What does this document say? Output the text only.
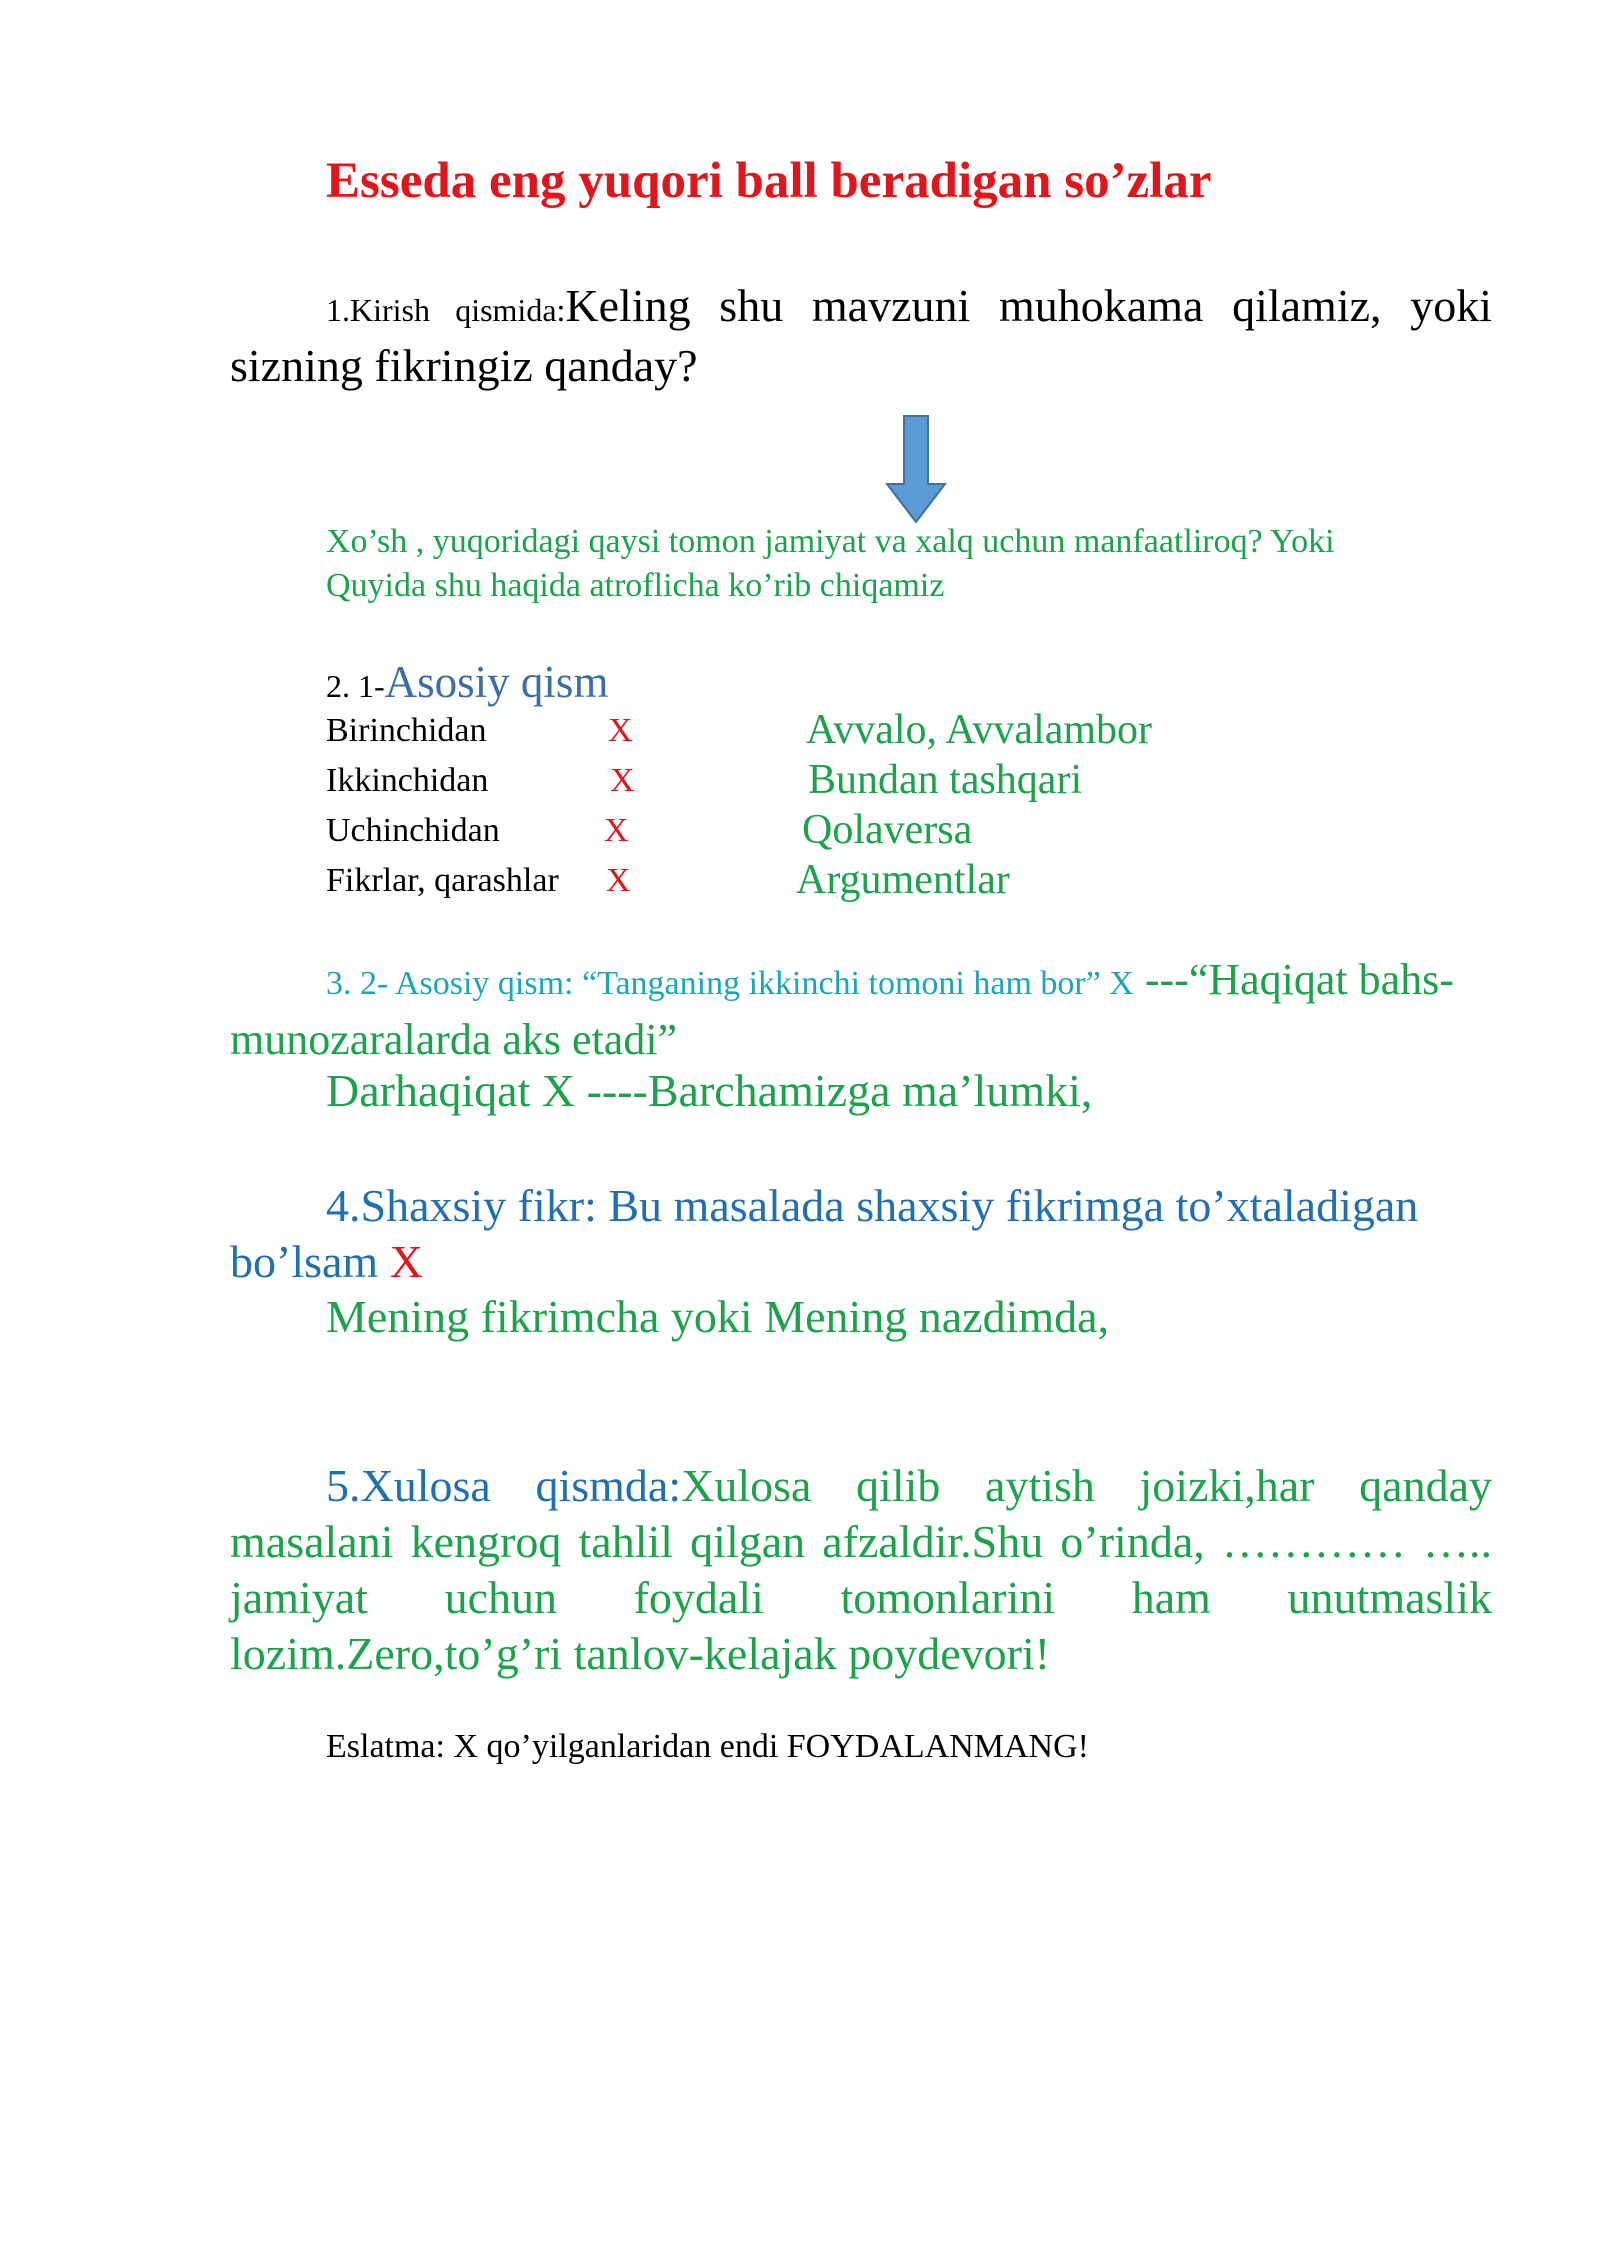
Esseda eng yuqori ball beradigan so’zlar
1.Kirish qismida:Keling shu mavzuni muhokama qilamiz, yoki sizning fikringiz qanday?
Xo’sh , yuqoridagi qaysi tomon jamiyat va xalq uchun manfaatliroq? Yoki
Quyida shu haqida atroflicha ko’rib chiqamiz
2. 1-Asosiy qism
Birinchidan	X	Avvalo, Avvalambor
Ikkinchidan	X	Bundan tashqari
Uchinchidan	X	Qolaversa
Fikrlar, qarashlar X	Argumentlar
3. 2- Asosiy qism: “Tanganing ikkinchi tomoni ham bor” X ---“Haqiqat bahs-munozaralarda aks etadi”
Darhaqiqat X ----Barchamizga ma’lumki,
4.Shaxsiy fikr: Bu masalada shaxsiy fikrimga to’xtaladigan bo’lsam X
Mening fikrimcha yoki Mening nazdimda,
5.Xulosa qismda:Xulosa qilib aytish joizki,har qanday masalani kengroq tahlil qilgan afzaldir.Shu o’rinda, ………… ….. jamiyat uchun foydali tomonlarini ham unutmaslik lozim.Zero,to’g’ri tanlov-kelajak poydevori!
Eslatma: X qo’yilganlaridan endi FOYDALANMANG!
